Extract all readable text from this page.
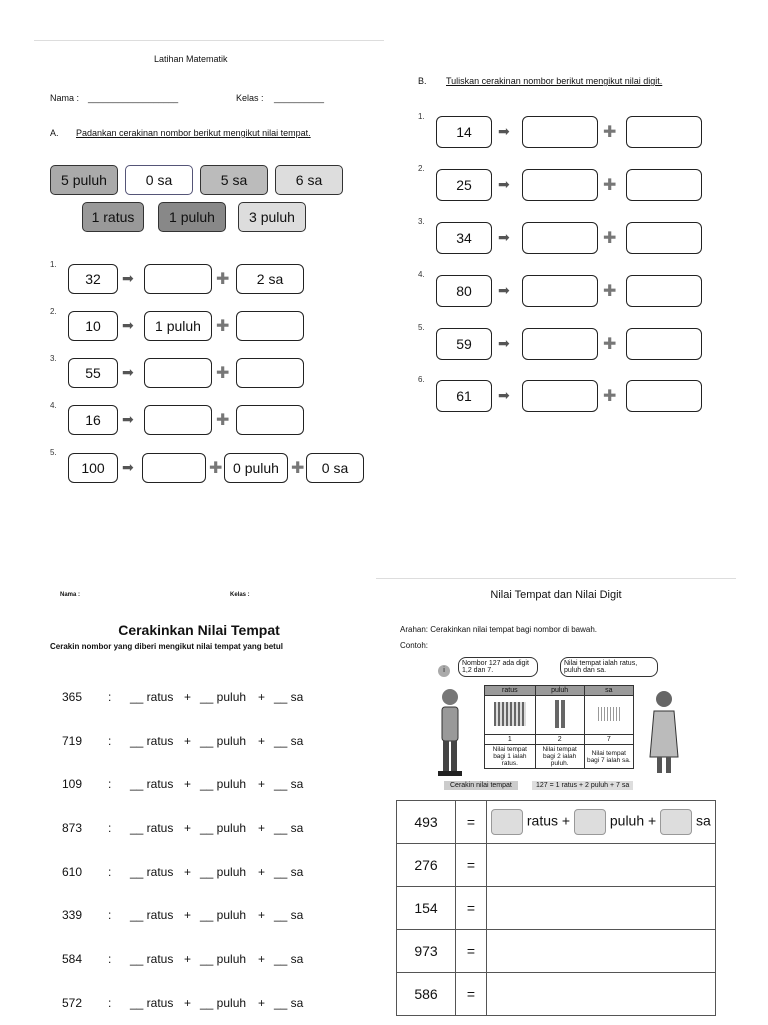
Latihan Matematik
Nama : __________________	Kelas : __________
A. Padankan cerakinan nombor berikut mengikut nilai tempat.
5 puluh	0 sa	5 sa	6 sa
1 ratus	1 puluh	3 puluh
1.
32	➡	✚	2 sa
2.
10	➡	1 puluh ✚
3.
55	➡	✚
4.
16	➡	✚
5.
100	➡	✚ 0 puluh ✚	0 sa
B. Tuliskan cerakinan nombor berikut mengikut nilai digit.
1.
14	➡	✚
2.
25	➡	✚
3.
34	➡	✚
4.
80	➡	✚
5.
59	➡	✚
6.
61	➡	✚
Nama :	Kelas :
Cerakinkan Nilai Tempat
Cerakin nombor yang diberi mengikut nilai tempat yang betul
365 : __ ratus + __ puluh + __ sa
719 : __ ratus + __ puluh + __ sa
109 : __ ratus + __ puluh + __ sa
873 : __ ratus + __ puluh + __ sa
610 : __ ratus + __ puluh + __ sa
339 : __ ratus + __ puluh + __ sa
584 : __ ratus + __ puluh + __ sa
572 : __ ratus + __ puluh + __ sa
Nilai Tempat dan Nilai Digit
Arahan: Cerakinkan nilai tempat bagi nombor di bawah.
Contoh:
i
Nombor 127 ada digit 1,2 dan 7.
Nilai tempat ialah ratus, puluh dan sa.
ratus	puluh	sa

1	2	7
Nilai tempat bagi 1 ialah ratus.	Nilai tempat bagi 2 ialah puluh.	Nilai tempat bagi 7 ialah sa.
Cerakin nilai tempat	127 = 1 ratus + 2 puluh + 7 sa
493	=	ratus + puluh + sa
276	=	
154	=	
973	=	
586	=	
